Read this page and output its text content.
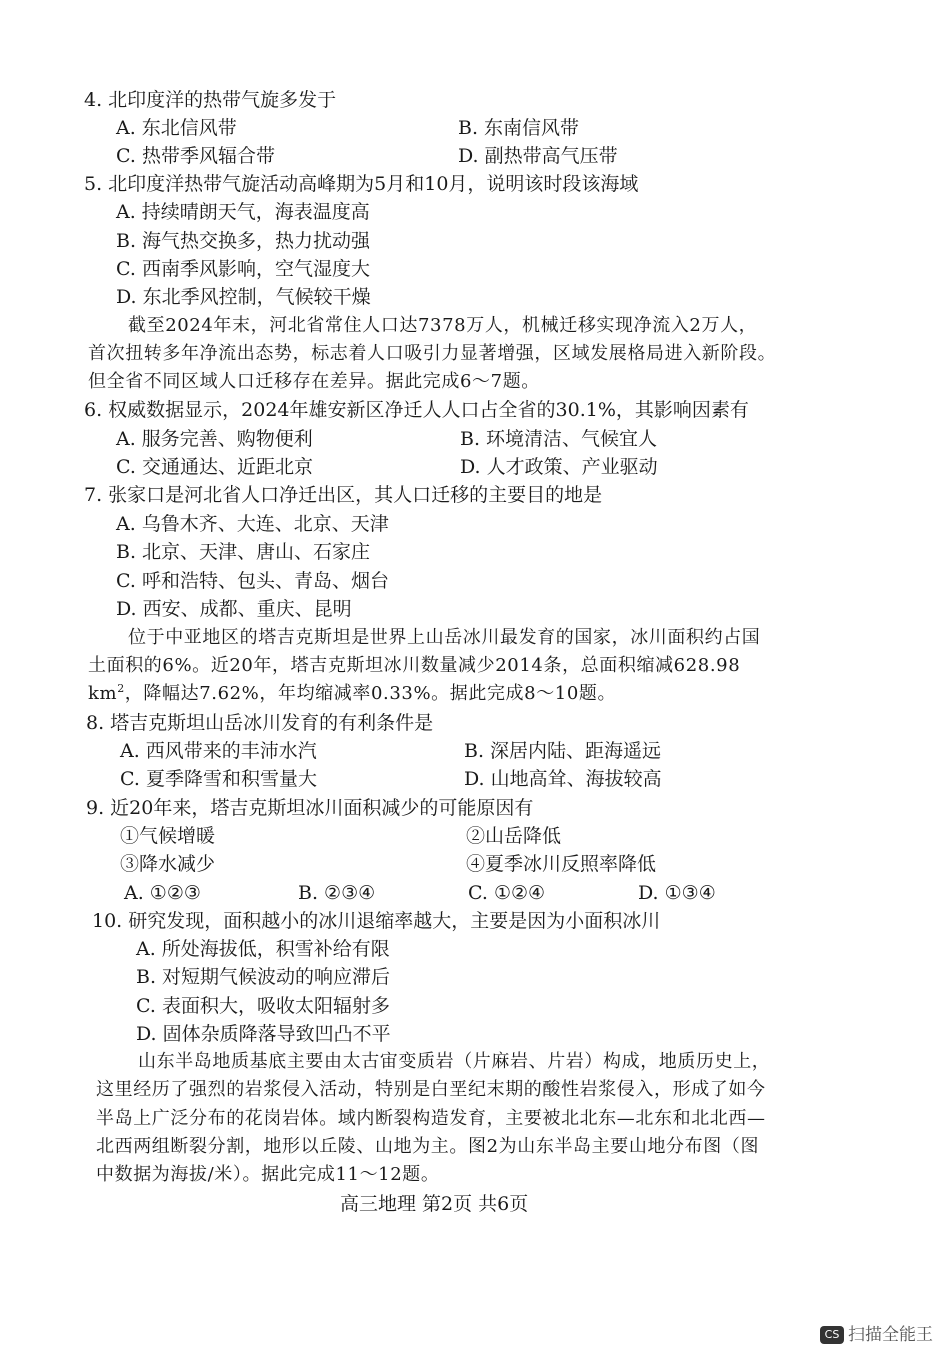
4. 北印度洋的热带气旋多发于
A. 东北信风带	B. 东南信风带
C. 热带季风辐合带	D. 副热带高气压带
5. 北印度洋热带气旋活动高峰期为5月和10月，说明该时段该海域
A. 持续晴朗天气，海表温度高
B. 海气热交换多，热力扰动强
C. 西南季风影响，空气湿度大
D. 东北季风控制，气候较干燥
截至2024年末，河北省常住人口达7378万人，机械迁移实现净流入2万人，
首次扭转多年净流出态势，标志着人口吸引力显著增强，区域发展格局进入新阶段。
但全省不同区域人口迁移存在差异。据此完成6～7题。
6. 权威数据显示，2024年雄安新区净迁人人口占全省的30.1%，其影响因素有
A. 服务完善、购物便利	B. 环境清洁、气候宜人
C. 交通通达、近距北京	D. 人才政策、产业驱动
7. 张家口是河北省人口净迁出区，其人口迁移的主要目的地是
A. 乌鲁木齐、大连、北京、天津
B. 北京、天津、唐山、石家庄
C. 呼和浩特、包头、青岛、烟台
D. 西安、成都、重庆、昆明
位于中亚地区的塔吉克斯坦是世界上山岳冰川最发育的国家，冰川面积约占国
土面积的6%。近20年，塔吉克斯坦冰川数量减少2014条，总面积缩减628.98
$km^2$，降幅达7.62%，年均缩减率0.33%。据此完成8～10题。
8. 塔吉克斯坦山岳冰川发育的有利条件是
A. 西风带来的丰沛水汽	B. 深居内陆、距海遥远
C. 夏季降雪和积雪量大	D. 山地高耸、海拔较高
9. 近20年来，塔吉克斯坦冰川面积减少的可能原因有
①气候增暖	②山岳降低
③降水减少	④夏季冰川反照率降低
A. ①②③	B. ②③④	C. ①②④	D. ①③④
10. 研究发现，面积越小的冰川退缩率越大，主要是因为小面积冰川
A. 所处海拔低，积雪补给有限
B. 对短期气候波动的响应滞后
C. 表面积大，吸收太阳辐射多
D. 固体杂质降落导致凹凸不平
山东半岛地质基底主要由太古宙变质岩（片麻岩、片岩）构成，地质历史上，
这里经历了强烈的岩浆侵入活动，特别是白垩纪末期的酸性岩浆侵入，形成了如今
半岛上广泛分布的花岗岩体。域内断裂构造发育，主要被北北东—北东和北北西—
北西两组断裂分割，地形以丘陵、山地为主。图2为山东半岛主要山地分布图（图
中数据为海拔/米）。据此完成11～12题。
高三地理 第2页 共6页
CS 扫描全能王
